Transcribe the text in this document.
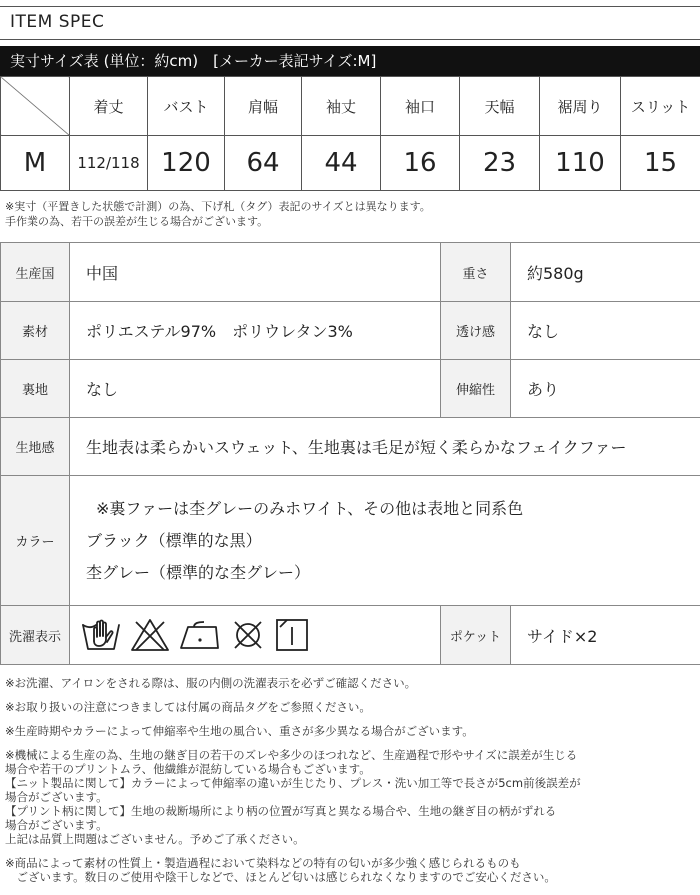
ITEM SPEC
実寸サイズ表 (単位：約cm)　[メーカー表記サイズ:M]
	着丈	バスト	肩幅	袖丈	袖口	天幅	裾周り	スリット
M	112/118	120	64	44	16	23	110	15

※実寸（平置きした状態で計測）の為、下げ札（タグ）表記のサイズとは異なります。

手作業の為、若干の誤差が生じる場合がございます。

生産国	中国	重さ	約580g
素材	ポリエステル97%　ポリウレタン3%	透け感	なし
裏地	なし	伸縮性	あり
生地感	生地表は柔らかいスウェット、生地裏は毛足が短く柔らかなフェイクファー		
カラー	※裏ファーは杢グレーのみホワイト、その他は表地と同系色
ブラック（標準的な黒）
杢グレー（標準的な杢グレー）		

洗濯表示		ポケット	サイド×2

※お洗濯、アイロンをされる際は、服の内側の洗濯表示を必ずご確認ください。

※お取り扱いの注意につきましては付属の商品タグをご参照ください。

※生産時期やカラーによって伸縮率や生地の風合い、重さが多少異なる場合がございます。

※機械による生産の為、生地の継ぎ目の若干のズレや多少のほつれなど、生産過程で形やサイズに誤差が生じる

場合や若干のプリントムラ、他繊維が混紡している場合もございます。

【ニット製品に関して】カラーによって伸縮率の違いが生じたり、プレス・洗い加工等で長さが5cm前後誤差が

場合がございます。

【プリント柄に関して】生地の裁断場所により柄の位置が写真と異なる場合や、生地の継ぎ目の柄がずれる

場合がございます。

上記は品質上問題はございません。予めご了承ください。

※商品によって素材の性質上・製造過程において染料などの特有の匂いが多少強く感じられるものも

　ございます。数日のご使用や陰干しなどで、ほとんど匂いは感じられなくなりますのでご安心ください。
